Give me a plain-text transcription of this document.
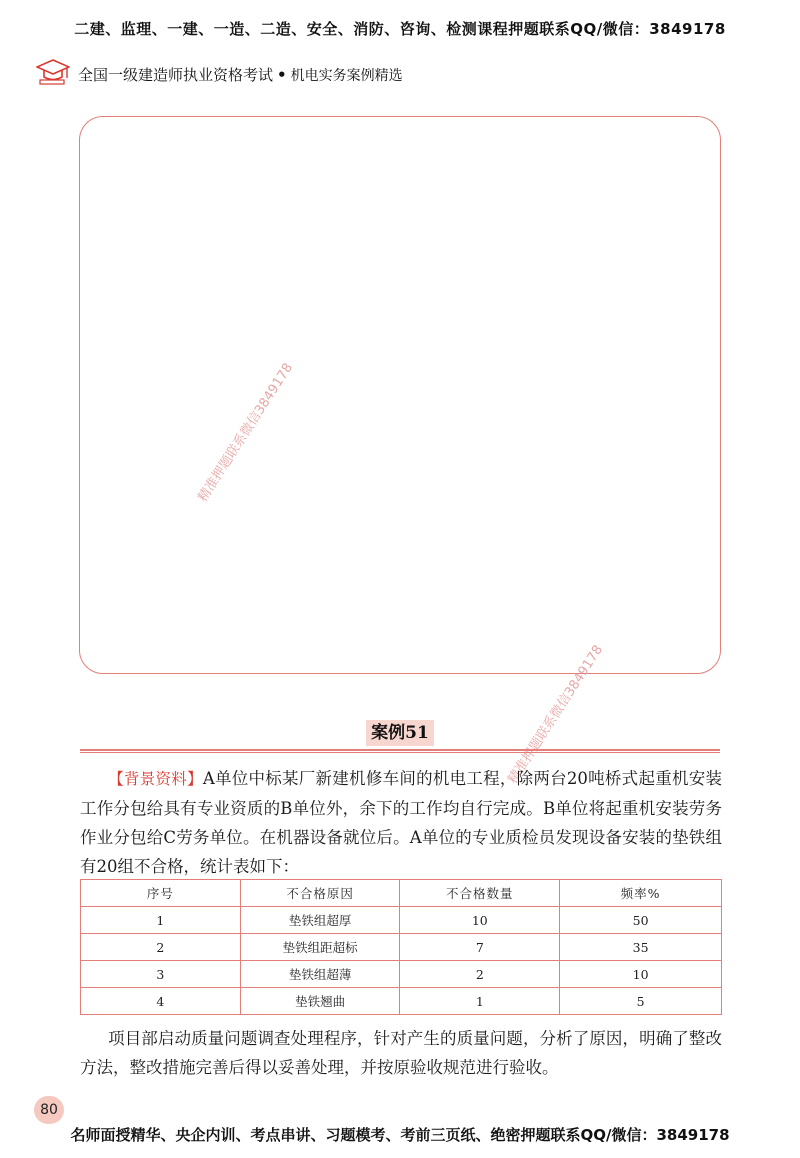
二建、监理、一建、一造、二造、安全、消防、咨询、检测课程押题联系QQ/微信：3849178
全国一级建造师执业资格考试 • 机电实务案例精选
精准押题联系微信3849178
精准押题联系微信3849178
案例51
【背景资料】A单位中标某厂新建机修车间的机电工程，除两台20吨桥式起重机安装工作分包给具有专业资质的B单位外，余下的工作均自行完成。B单位将起重机安装劳务作业分包给C劳务单位。在机器设备就位后。A单位的专业质检员发现设备安装的垫铁组有20组不合格，统计表如下：
序号	不合格原因	不合格数量	频率%
1	垫铁组超厚	10	50
2	垫铁组距超标	7	35
3	垫铁组超薄	2	10
4	垫铁翘曲	1	5
项目部启动质量问题调查处理程序，针对产生的质量问题，分析了原因，明确了整改方法，整改措施完善后得以妥善处理，并按原验收规范进行验收。
80
名师面授精华、央企内训、考点串讲、习题模考、考前三页纸、绝密押题联系QQ/微信：3849178
